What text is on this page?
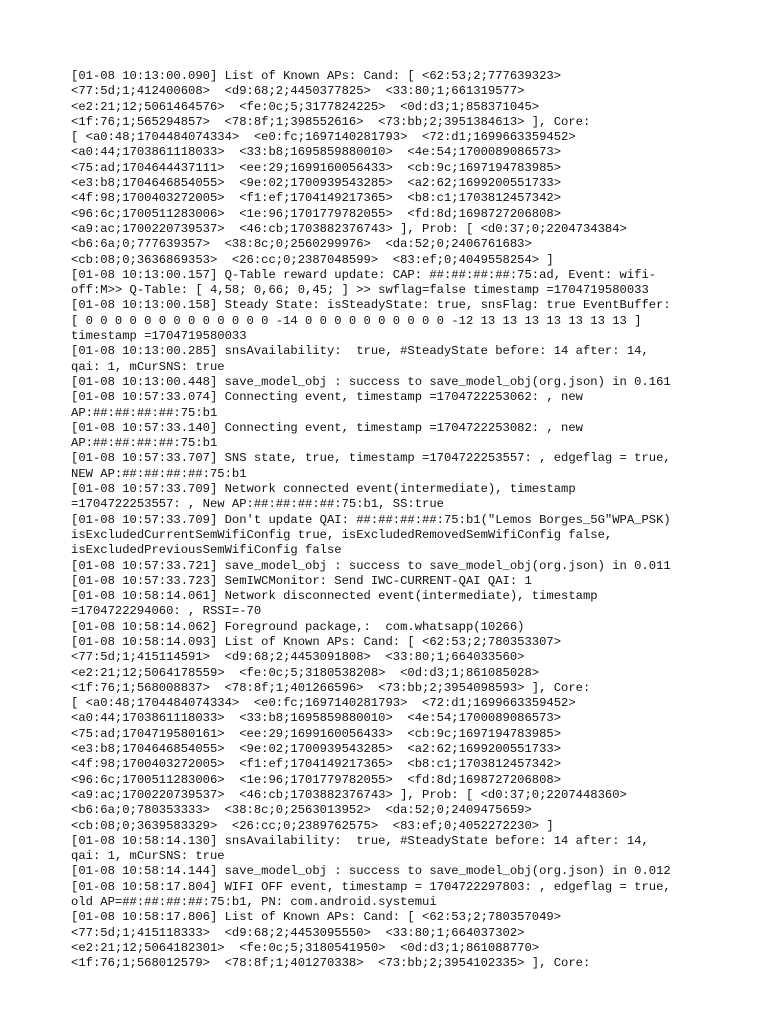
[01-08 10:13:00.090] List of Known APs: Cand: [ <62:53;2;777639323>
<77:5d;1;412400608>  <d9:68;2;4450377825>  <33:80;1;661319577>
<e2:21;12;5061464576>  <fe:0c;5;3177824225>  <0d:d3;1;858371045>
<1f:76;1;565294857>  <78:8f;1;398552616>  <73:bb;2;3951384613> ], Core:
[ <a0:48;1704484074334>  <e0:fc;1697140281793>  <72:d1;1699663359452>
<a0:44;1703861118033>  <33:b8;1695859880010>  <4e:54;1700089086573>
<75:ad;1704644437111>  <ee:29;1699160056433>  <cb:9c;1697194783985>
<e3:b8;1704646854055>  <9e:02;1700939543285>  <a2:62;1699200551733>
<4f:98;1700403272005>  <f1:ef;1704149217365>  <b8:c1;1703812457342>
<96:6c;1700511283006>  <1e:96;1701779782055>  <fd:8d;1698727206808>
<a9:ac;1700220739537>  <46:cb;1703882376743> ], Prob: [ <d0:37;0;2204734384>
<b6:6a;0;777639357>  <38:8c;0;2560299976>  <da:52;0;2406761683>
<cb:08;0;3636869353>  <26:cc;0;2387048599>  <83:ef;0;4049558254> ]
[01-08 10:13:00.157] Q-Table reward update: CAP: ##:##:##:##:75:ad, Event: wifi-
off:M>> Q-Table: [ 4,58; 0,66; 0,45; ] >> swflag=false timestamp =1704719580033
[01-08 10:13:00.158] Steady State: isSteadyState: true, snsFlag: true EventBuffer:
[ 0 0 0 0 0 0 0 0 0 0 0 0 0 -14 0 0 0 0 0 0 0 0 0 0 -12 13 13 13 13 13 13 13 ]
timestamp =1704719580033
[01-08 10:13:00.285] snsAvailability:  true, #SteadyState before: 14 after: 14,
qai: 1, mCurSNS: true
[01-08 10:13:00.448] save_model_obj : success to save_model_obj(org.json) in 0.161
[01-08 10:57:33.074] Connecting event, timestamp =1704722253062: , new
AP:##:##:##:##:75:b1
[01-08 10:57:33.140] Connecting event, timestamp =1704722253082: , new
AP:##:##:##:##:75:b1
[01-08 10:57:33.707] SNS state, true, timestamp =1704722253557: , edgeflag = true,
NEW AP:##:##:##:##:75:b1
[01-08 10:57:33.709] Network connected event(intermediate), timestamp
=1704722253557: , New AP:##:##:##:##:75:b1, SS:true
[01-08 10:57:33.709] Don't update QAI: ##:##:##:##:75:b1("Lemos Borges_5G"WPA_PSK)
isExcludedCurrentSemWifiConfig true, isExcludedRemovedSemWifiConfig false,
isExcludedPreviousSemWifiConfig false
[01-08 10:57:33.721] save_model_obj : success to save_model_obj(org.json) in 0.011
[01-08 10:57:33.723] SemIWCMonitor: Send IWC-CURRENT-QAI QAI: 1
[01-08 10:58:14.061] Network disconnected event(intermediate), timestamp
=1704722294060: , RSSI=-70
[01-08 10:58:14.062] Foreground package,:  com.whatsapp(10266)
[01-08 10:58:14.093] List of Known APs: Cand: [ <62:53;2;780353307>
<77:5d;1;415114591>  <d9:68;2;4453091808>  <33:80;1;664033560>
<e2:21;12;5064178559>  <fe:0c;5;3180538208>  <0d:d3;1;861085028>
<1f:76;1;568008837>  <78:8f;1;401266596>  <73:bb;2;3954098593> ], Core:
[ <a0:48;1704484074334>  <e0:fc;1697140281793>  <72:d1;1699663359452>
<a0:44;1703861118033>  <33:b8;1695859880010>  <4e:54;1700089086573>
<75:ad;1704719580161>  <ee:29;1699160056433>  <cb:9c;1697194783985>
<e3:b8;1704646854055>  <9e:02;1700939543285>  <a2:62;1699200551733>
<4f:98;1700403272005>  <f1:ef;1704149217365>  <b8:c1;1703812457342>
<96:6c;1700511283006>  <1e:96;1701779782055>  <fd:8d;1698727206808>
<a9:ac;1700220739537>  <46:cb;1703882376743> ], Prob: [ <d0:37;0;2207448360>
<b6:6a;0;780353333>  <38:8c;0;2563013952>  <da:52;0;2409475659>
<cb:08;0;3639583329>  <26:cc;0;2389762575>  <83:ef;0;4052272230> ]
[01-08 10:58:14.130] snsAvailability:  true, #SteadyState before: 14 after: 14,
qai: 1, mCurSNS: true
[01-08 10:58:14.144] save_model_obj : success to save_model_obj(org.json) in 0.012
[01-08 10:58:17.804] WIFI OFF event, timestamp = 1704722297803: , edgeflag = true,
old AP=##:##:##:##:75:b1, PN: com.android.systemui
[01-08 10:58:17.806] List of Known APs: Cand: [ <62:53;2;780357049>
<77:5d;1;415118333>  <d9:68;2;4453095550>  <33:80;1;664037302>
<e2:21;12;5064182301>  <fe:0c;5;3180541950>  <0d:d3;1;861088770>
<1f:76;1;568012579>  <78:8f;1;401270338>  <73:bb;2;3954102335> ], Core:
